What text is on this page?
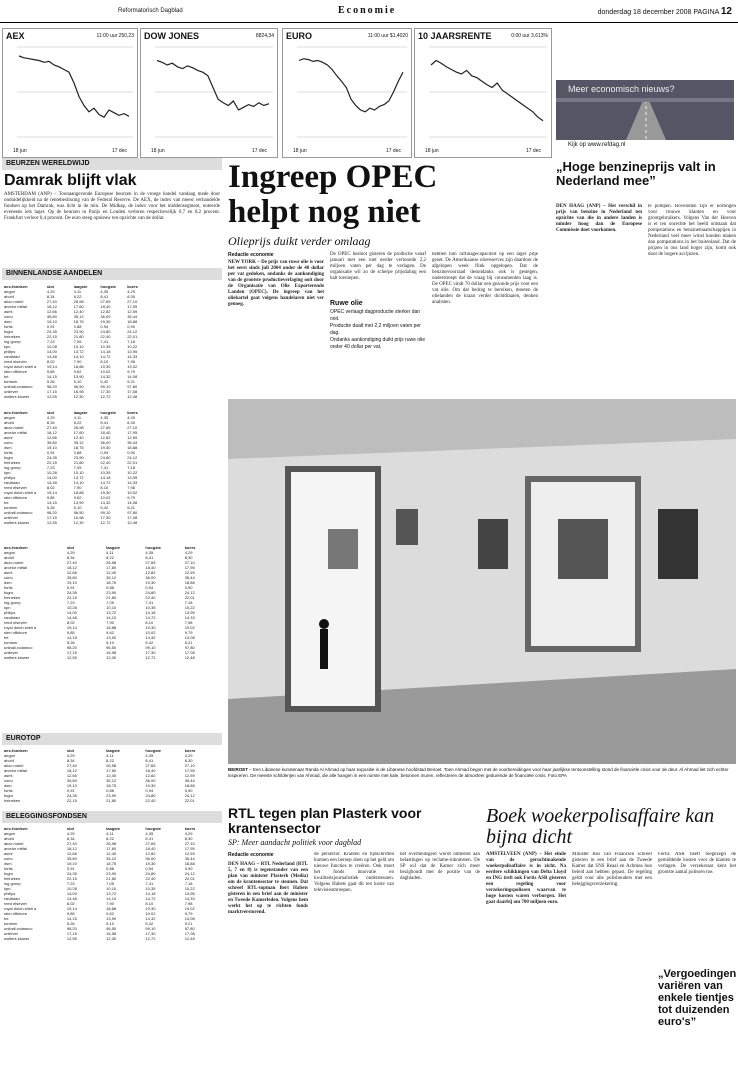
Reformatorisch Dagblad	Economie	donderdag 18 december 2008 PAGINA 12
AEX	11:00 uur 250,23
18 jun	17 dec
DOW JONES	8824,34
18 jun	17 dec
EURO	11:00 uur $1,4020
18 jun	17 dec
10 JAARSRENTE	0:00 uur 3,613%
18 jun	17 dec
Meer economisch nieuws?
Kijk op www.refdag.nl
BEURZEN WERELDWIJD
Damrak blijft vlak
AMSTERDAM (ANP) – Toonaangevende Europese beurzen in de vroege handel vandaag mede door onduidelijkheid na de rentebeslissing van de Federal Reserve. De AEX, de index van meest verhandelde fondsen op het Damrak, was licht in de min. De Midkap, de index voor het middensegment, noteerde eveneens iets lager. Op de beurzen in Parijs en Londen verloren respectievelijk 0,7 en 0,2 procent. Frankfurt verloor 0,4 procent. De euro steeg opnieuw ten opzichte van de dollar.
BINNENLANDSE AANDELEN
aex-fondsen	slot	laagste	hoogste	koers
aegon	4,29	4,11	4,35	4,29
ahold	8,34	8,22	8,41	8,30
akzo nobel	27,40	26,98	27,65	27,10
arcelor mittal	18,12	17,60	18,40	17,95
asml	12,66	12,40	12,82	12,59
corio	35,80	35,12	36,00	35,44
dsm	19,10	18,75	19,30	18,88
fortis	0,91	0,88	0,94	0,90
fugro	24,35	23,90	24,80	24,12
heineken	22,15	21,80	22,40	22,01
ing groep	7,23	7,05	7,41	7,18
kpn	10,28	10,10	10,35	10,22
philips	14,00	13,72	14,18	13,95
randstad	14,48	14,10	14,72	14,33
reed elsevier	8,02	7,90	8,10	7,98
royal dutch shell a	19,14	18,88	19,30	19,02
sbm offshore	9,85	9,62	10,02	9,79
tnt	14,15	13,90	14,32	14,08
tomtom	5,26	5,10	5,42	5,21
unibail-rodamco	98,20	96,50	99,10	97,80
unilever	17,15	16,98	17,30	17,08
wolters kluwer	12,55	12,30	12,72	12,48
aex-fondsen	slot	laagste	hoogste	koers
aegon	4,29	4,11	4,35	4,29
ahold	8,34	8,22	8,41	8,30
akzo nobel	27,40	26,98	27,65	27,10
arcelor mittal	18,12	17,60	18,40	17,95
asml	12,66	12,40	12,82	12,59
corio	35,80	35,12	36,00	35,44
dsm	19,10	18,75	19,30	18,88
fortis	0,91	0,88	0,94	0,90
fugro	24,35	23,90	24,80	24,12
heineken	22,15	21,80	22,40	22,01
ing groep	7,23	7,05	7,41	7,18
kpn	10,28	10,10	10,35	10,22
philips	14,00	13,72	14,18	13,95
randstad	14,48	14,10	14,72	14,33
reed elsevier	8,02	7,90	8,10	7,98
royal dutch shell a	19,14	18,88	19,30	19,02
sbm offshore	9,85	9,62	10,02	9,79
tnt	14,15	13,90	14,32	14,08
tomtom	5,26	5,10	5,42	5,21
unibail-rodamco	98,20	96,50	99,10	97,80
unilever	17,15	16,98	17,30	17,08
wolters kluwer	12,55	12,30	12,72	12,48
aex-fondsen	slot	laagste	hoogste	koers
aegon	4,29	4,11	4,35	4,29
ahold	8,34	8,22	8,41	8,30
akzo nobel	27,40	26,98	27,65	27,10
arcelor mittal	18,12	17,60	18,40	17,95
asml	12,66	12,40	12,82	12,59
corio	35,80	35,12	36,00	35,44
dsm	19,10	18,75	19,30	18,88
fortis	0,91	0,88	0,94	0,90
fugro	24,35	23,90	24,80	24,12
heineken	22,15	21,80	22,40	22,01
ing groep	7,23	7,05	7,41	7,18
kpn	10,28	10,10	10,35	10,22
philips	14,00	13,72	14,18	13,95
randstad	14,48	14,10	14,72	14,33
reed elsevier	8,02	7,90	8,10	7,98
royal dutch shell a	19,14	18,88	19,30	19,02
sbm offshore	9,85	9,62	10,02	9,79
tnt	14,15	13,90	14,32	14,08
tomtom	5,26	5,10	5,42	5,21
unibail-rodamco	98,20	96,50	99,10	97,80
unilever	17,15	16,98	17,30	17,08
wolters kluwer	12,55	12,30	12,72	12,48
EUROTOP
aex-fondsen	slot	laagste	hoogste	koers
aegon	4,29	4,11	4,35	4,29
ahold	8,34	8,22	8,41	8,30
akzo nobel	27,40	26,98	27,65	27,10
arcelor mittal	18,12	17,60	18,40	17,95
asml	12,66	12,40	12,82	12,59
corio	35,80	35,12	36,00	35,44
dsm	19,10	18,75	19,30	18,88
fortis	0,91	0,88	0,94	0,90
fugro	24,35	23,90	24,80	24,12
heineken	22,15	21,80	22,40	22,01
BELEGGINGSFONDSEN
aex-fondsen	slot	laagste	hoogste	koers
aegon	4,29	4,11	4,35	4,29
ahold	8,34	8,22	8,41	8,30
akzo nobel	27,40	26,98	27,65	27,10
arcelor mittal	18,12	17,60	18,40	17,95
asml	12,66	12,40	12,82	12,59
corio	35,80	35,12	36,00	35,44
dsm	19,10	18,75	19,30	18,88
fortis	0,91	0,88	0,94	0,90
fugro	24,35	23,90	24,80	24,12
heineken	22,15	21,80	22,40	22,01
ing groep	7,23	7,05	7,41	7,18
kpn	10,28	10,10	10,35	10,22
philips	14,00	13,72	14,18	13,95
randstad	14,48	14,10	14,72	14,33
reed elsevier	8,02	7,90	8,10	7,98
royal dutch shell a	19,14	18,88	19,30	19,02
sbm offshore	9,85	9,62	10,02	9,79
tnt	14,15	13,90	14,32	14,08
tomtom	5,26	5,10	5,42	5,21
unibail-rodamco	98,20	96,50	99,10	97,80
unilever	17,15	16,98	17,30	17,08
wolters kluwer	12,55	12,30	12,72	12,48
Ingreep OPEC
helpt nog niet
Olieprijs duikt verder omlaag
Redactie economie
NEW YORK – De prijs van ruwe olie is voor het eerst sinds juli 2004 onder de 40 dollar per vat gedoken, ondanks de aankondiging van de grootste productieverlaging ooit door de Organisatie van Olie Exporterende Landen (OPEC). De ingreep van het oliekartel gaat volgens handelaren niet ver genoeg.
De OPEC besloot gisteren de productie vanaf januari met een niet eerder vertoonde 2,2 miljoen vaten per dag te verlagen. De organisatie wil zo de scherpe prijsdaling een halt toeroepen.
Ruwe olie
OPEC verlaagt dagproductie sterker dan ooit.
Productie daalt met 2,2 miljoen vaten per dag.
Ondanks aankondiging duikt prijs ruwe olie onder 40 dollar per vat.
hebben hun raffinagecapaciteit op een lager pitje gezet. De Amerikaanse oliereserves zijn daardoor de afgelopen week flink opgelopen. Dat de benzinevoorraad desondanks ook is gestegen, onderstreept dat de vraag bij consumenten laag is. De OPEC vindt 70 dollar een gezonde prijs voor een vat olie. Om dat bedrag te bereiken, moeten de olielanden de kraan verder dichtdraaien, denken analisten.
„Hoge benzineprijs valt in Nederland mee”
DEN HAAG (ANP) – Het verschil in prijs van benzine in Nederland ten opzichte van die in andere landen is minder hoog dan de Europese Commissie doet voorkomen.
te pompen. Bovendien zijn er kortingen voor trouwe klanten en voor grootgebruikers. Volgens Van der Hoeven is er ten onrechte het beeld ontstaan dat pompstations en benzinemaatschappijen in Nederland veel meer winst konden maken dan pompstations in het buitenland. Dat de prijzen in ons land hoger zijn, komt ook door de hogere accijnzen.
BEIROET – Een Libanese kunstenaar Randa Al Ahmad op haar expositie in de Libanese hoofdstad Beiroet. Toen Ahmad begon met de voorbereidingen voor haar jaarlijkse tentoonstelling stond de financiële crisis voor de deur. Al Ahmad liet zich echter inspireren. De meeste schilderijen van Ahmad, die alle hangen in een ruimte met kale, betonnen muren, reflecteren de atmosfeer gedurende de financiële crisis. Foto EPA
RTL tegen plan Plasterk voor krantensector
SP: Meer aandacht politiek voor dagblad
Redactie economie
DEN HAAG – RTL Nederland (RTL 5, 7 en 8) is tegenstander van een plan van minister Plasterk (Media) om de krantensector te steunen. Dat schreef RTL-topman Bert Habets gisteren in een brief aan de minister en Tweede Kamerleden. Volgens hem werkt het op te richten fonds marktverstorend.
de persector. Kranten en tijdschriften kunnen een beroep doen op het geld om nieuwe functies te creëren. Ook moet het fonds innovatie en kwaliteitsjournalistiek ondersteunen. Volgens Habets gaat dit ten koste van televisieomroepen.
het overheidsgeld wordt ontleend aan belastingen op reclame-inkomsten. De SP wil dat de Kamer zich meer bezighoudt met de positie van de dagbladen.
Boek woekerpolisaffaire kan bijna dicht
AMSTELVEEN (ANP) – Het einde van de geruchtmakende woekerpolisaffaire is in zicht. Na eerdere schikkingen van Delta Lloyd en ING treft ook Fortis ASR gisteren een regeling voor verzekeringspolissen waarvan te hoge kosten waren verborgen. Het gaat daarbij om 700 miljoen euro.
Minister Bos van Financiën schreef gisteren in een brief aan de Tweede Kamer dat SNS Reaal en Achmea hun beleid aan hebben gepast. De regeling geldt voor alle polishouders met een beleggingsverzekering.
Fortis ASR heeft toegezegd de gemiddelde kosten voor de klanten te verlagen. De verzekeraar kent het grootste aantal polissen toe.
„Vergoedingen variëren van enkele tientjes tot duizenden euro's”
